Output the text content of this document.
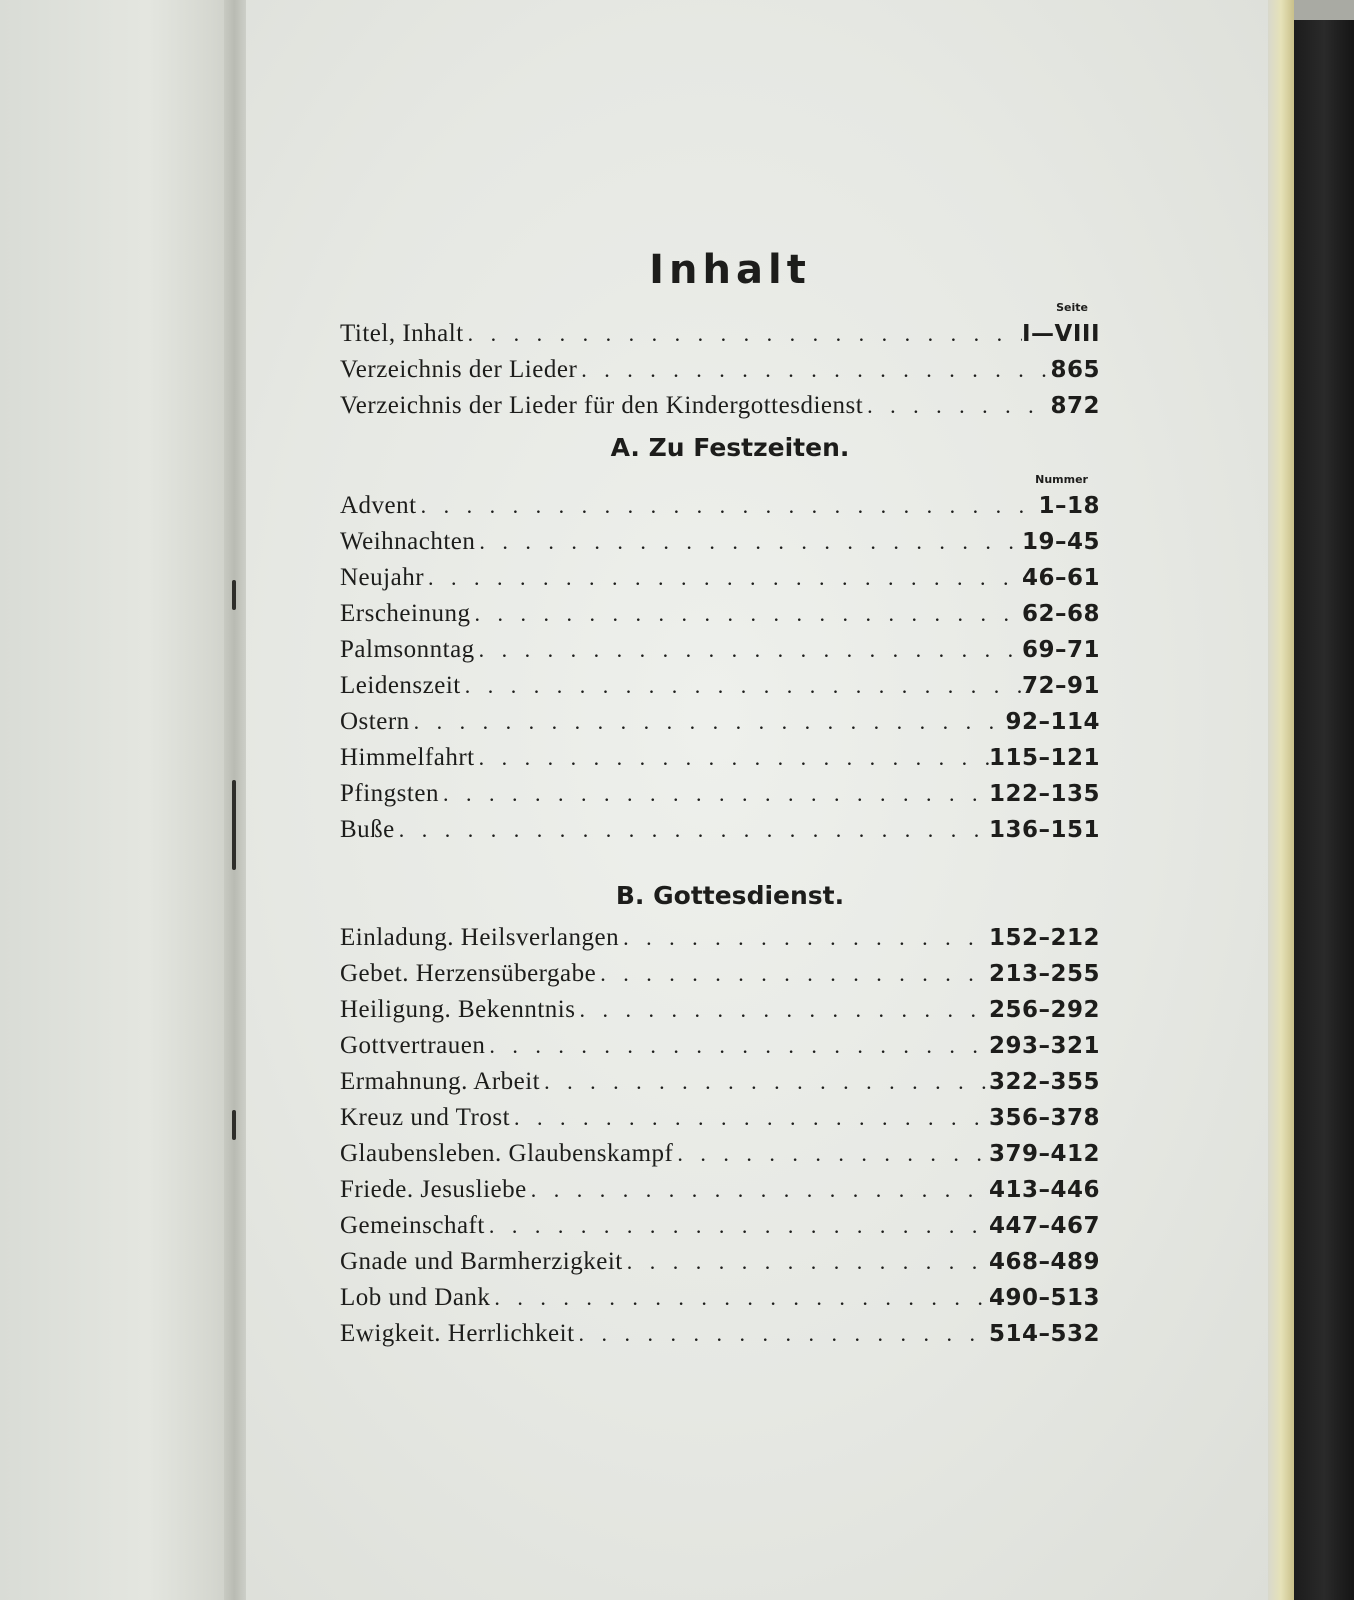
Inhalt
Seite
Titel, Inhalt . . .	I—VIII
Verzeichnis der Lieder . . .	865
Verzeichnis der Lieder für den Kindergottesdienst . . .	872
A. Zu Festzeiten.
Nummer
Advent . . .	1–18
Weihnachten . . .	19–45
Neujahr . . .	46–61
Erscheinung . . .	62–68
Palmsonntag . . .	69–71
Leidenszeit . . .	72–91
Ostern . . .	92–114
Himmelfahrt . . .	115–121
Pfingsten . . .	122–135
Buße . . .	136–151
B. Gottesdienst.
Einladung. Heilsverlangen . . .	152–212
Gebet. Herzensübergabe . . .	213–255
Heiligung. Bekenntnis . . .	256–292
Gottvertrauen . . .	293–321
Ermahnung. Arbeit . . .	322–355
Kreuz und Trost . . .	356–378
Glaubensleben. Glaubenskampf . . .	379–412
Friede. Jesusliebe . . .	413–446
Gemeinschaft . . .	447–467
Gnade und Barmherzigkeit . . .	468–489
Lob und Dank . . .	490–513
Ewigkeit. Herrlichkeit . . .	514–532
